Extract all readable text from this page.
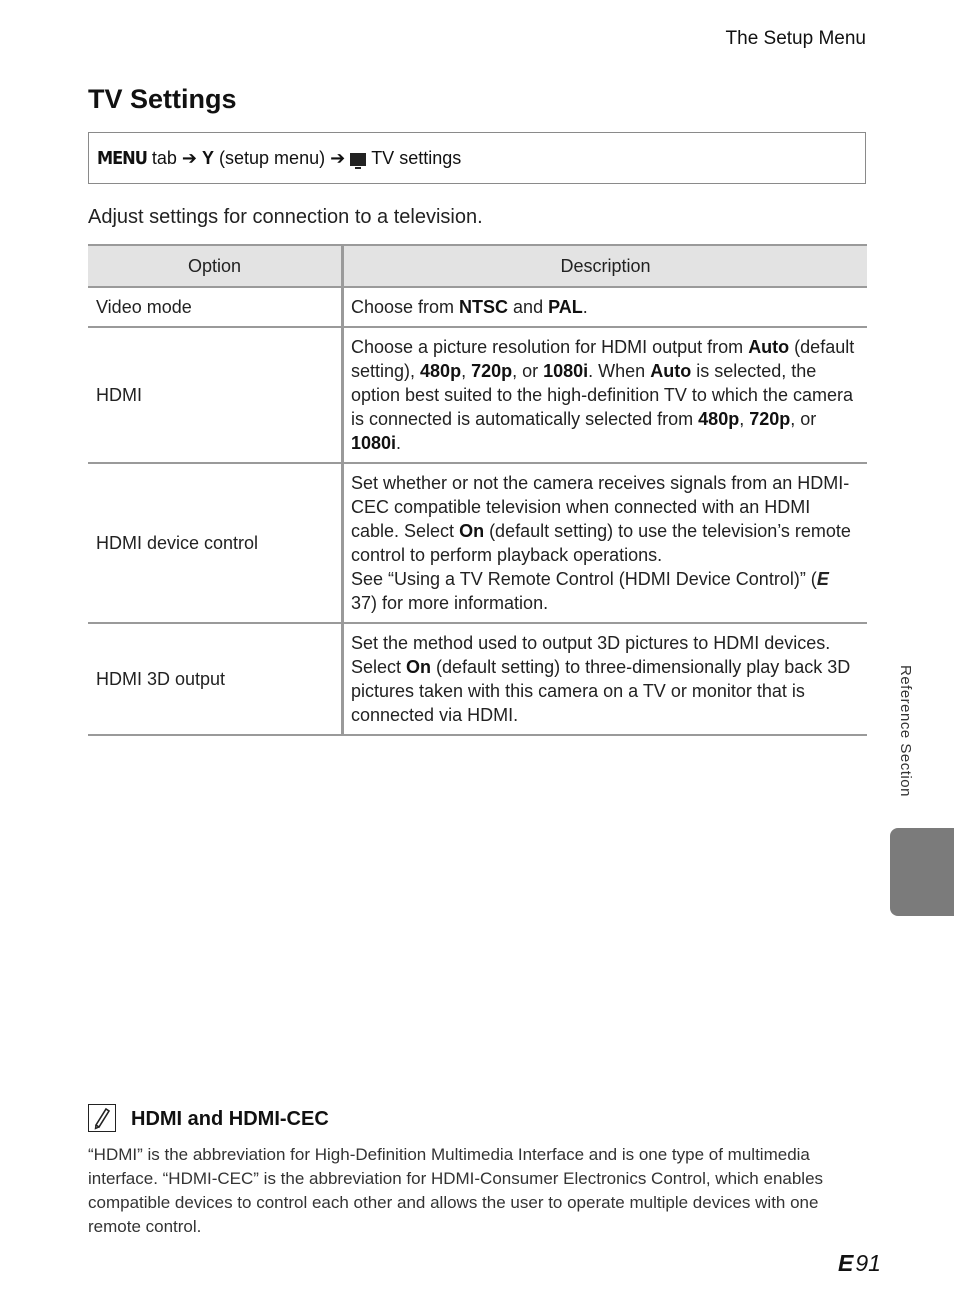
The Setup Menu
TV Settings
MENU tab ➔ Y (setup menu) ➔ TV settings

Adjust settings for connection to a television.

Option	Description
Video mode	Choose from NTSC and PAL.
HDMI	Choose a picture resolution for HDMI output from Auto (default setting), 480p, 720p, or 1080i. When Auto is selected, the option best suited to the high-definition TV to which the camera is connected is automatically selected from 480p, 720p, or 1080i.
HDMI device control	Set whether or not the camera receives signals from an HDMI-CEC compatible television when connected with an HDMI cable. Select On (default setting) to use the television’s remote control to perform playback operations.
See “Using a TV Remote Control (HDMI Device Control)” (E 37) for more information.
HDMI 3D output	Set the method used to output 3D pictures to HDMI devices. Select On (default setting) to three-dimensionally play back 3D pictures taken with this camera on a TV or monitor that is connected via HDMI.	Reference Section
HDMI and HDMI-CEC

“HDMI” is the abbreviation for High-Definition Multimedia Interface and is one type of multimedia interface. “HDMI-CEC” is the abbreviation for HDMI-Consumer Electronics Control, which enables compatible devices to control each other and allows the user to operate multiple devices with one remote control.

E 91
